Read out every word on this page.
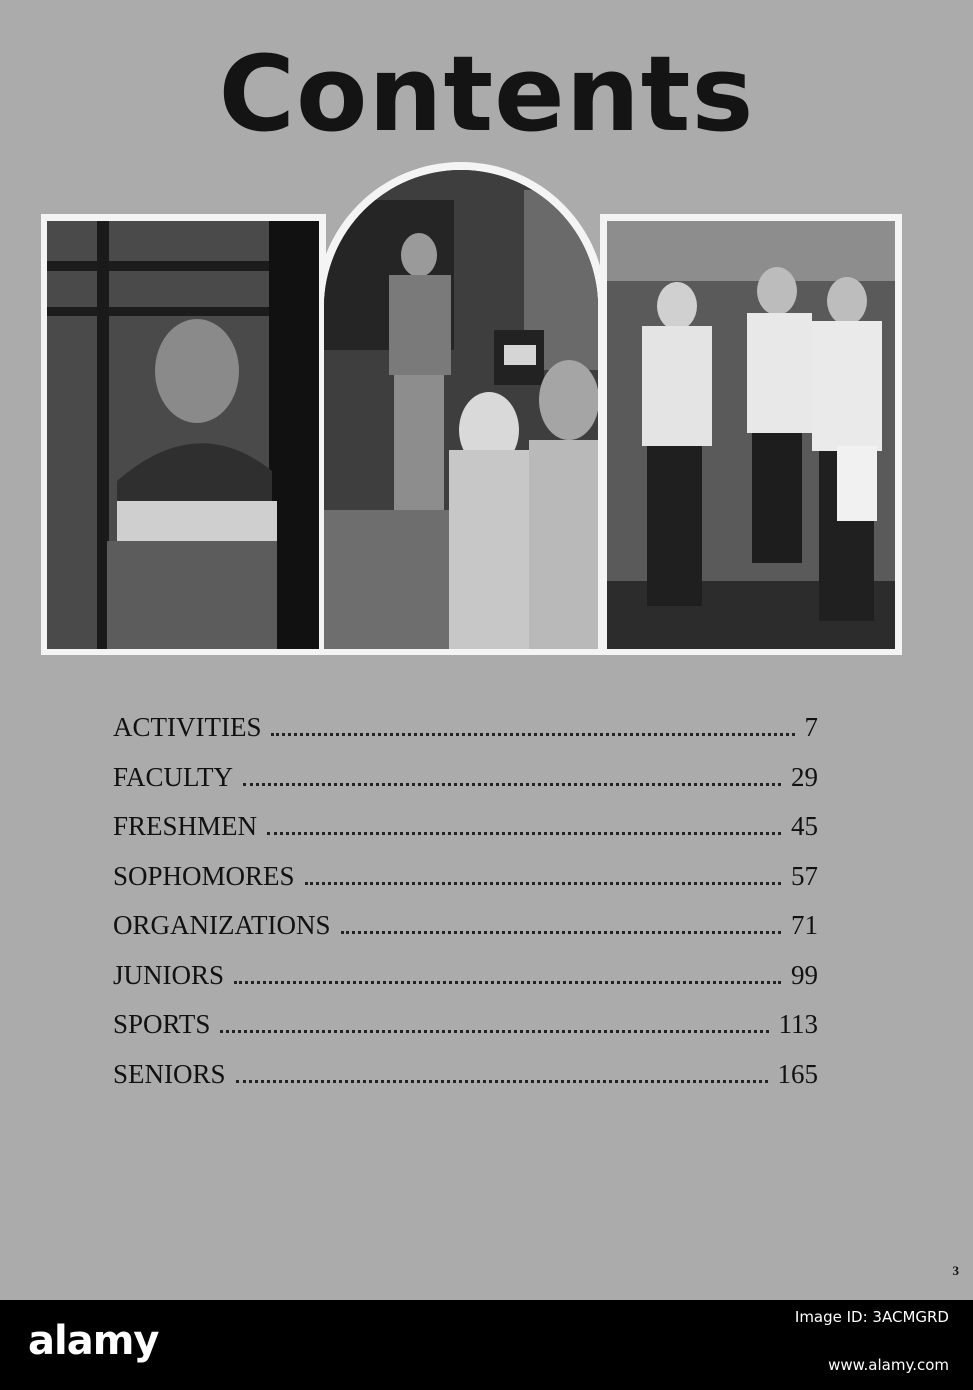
Contents
ACTIVITIES	7
FACULTY	29
FRESHMEN	45
SOPHOMORES	57
ORGANIZATIONS	71
JUNIORS	99
SPORTS	113
SENIORS	165
3
alamy
Image ID: 3ACMGRD
www.alamy.com
